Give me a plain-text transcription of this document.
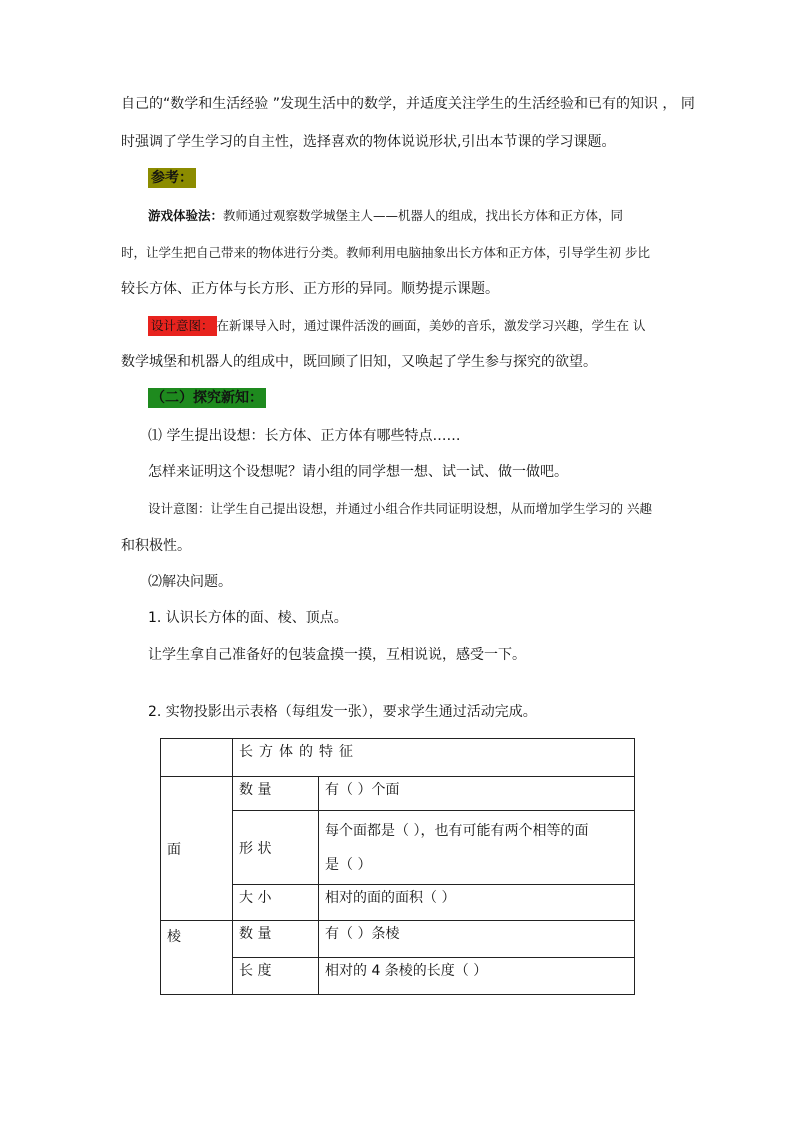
自己的“数学和生活经验 ”发现生活中的数学，并适度关注学生的生活经验和已有的知识 ， 同
时强调了学生学习的自主性，选择喜欢的物体说说形状,引出本节课的学习课题。
参考：
游戏体验法：教师通过观察数学城堡主人——机器人的组成，找出长方体和正方体，同
时，让学生把自己带来的物体进行分类。教师利用电脑抽象出长方体和正方体，引导学生初 步比
较长方体、正方体与长方形、正方形的异同。顺势提示课题。
设计意图： 在新课导入时，通过课件活泼的画面，美妙的音乐，激发学习兴趣，学生在 认
数学城堡和机器人的组成中，既回顾了旧知，又唤起了学生参与探究的欲望。
（二）探究新知：
⑴ 学生提出设想：长方体、正方体有哪些特点……
怎样来证明这个设想呢？请小组的同学想一想、试一试、做一做吧。
设计意图：让学生自己提出设想，并通过小组合作共同证明设想，从而增加学生学习的 兴趣
和积极性。
⑵解决问题。
1. 认识长方体的面、棱、顶点。
让学生拿自己准备好的包装盒摸一摸，互相说说，感受一下。
2. 实物投影出示表格（每组发一张），要求学生通过活动完成。
	长方体的特征	
面	数 量	有（ ）个面
	形 状	每个面都是（ ），也有可能有两个相等的面
是（ ）

	大 小	相对的面的面积（ ）
棱	数 量	有（ ）条棱
	长 度	相对的 4 条棱的长度（ ）
